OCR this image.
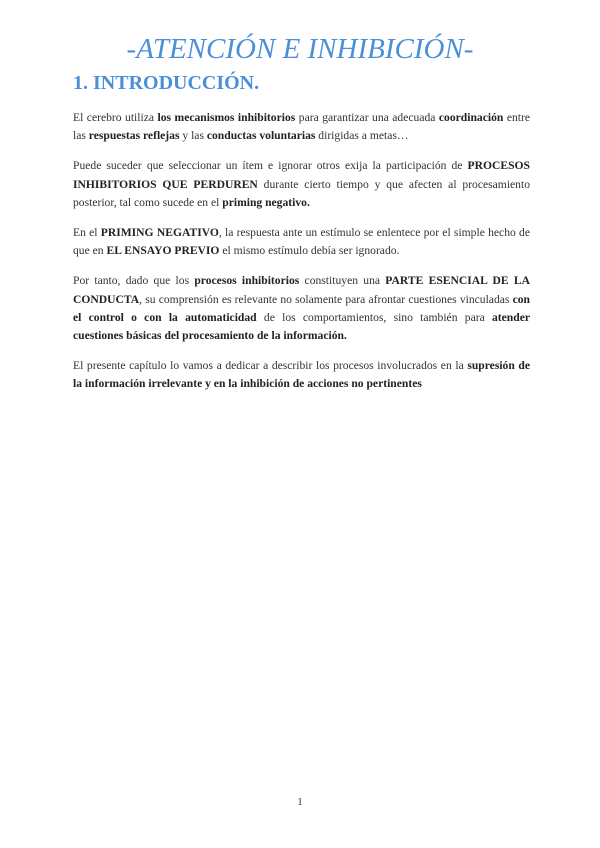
-ATENCIÓN E INHIBICIÓN-
1. INTRODUCCIÓN.

El cerebro utiliza los mecanismos inhibitorios para garantizar una adecuada coordinación entre las respuestas reflejas y las conductas voluntarias dirigidas a metas…

Puede suceder que seleccionar un ítem e ignorar otros exija la participación de PROCESOS INHIBITORIOS QUE PERDUREN durante cierto tiempo y que afecten al procesamiento posterior, tal como sucede en el priming negativo.

En el PRIMING NEGATIVO, la respuesta ante un estímulo se enlentece por el simple hecho de que en EL ENSAYO PREVIO el mismo estímulo debía ser ignorado.

Por tanto, dado que los procesos inhibitorios constituyen una PARTE ESENCIAL DE LA CONDUCTA, su comprensión es relevante no solamente para afrontar cuestiones vinculadas con el control o con la automaticidad de los comportamientos, sino también para atender cuestiones básicas del procesamiento de la información.

El presente capítulo lo vamos a dedicar a describir los procesos involucrados en la supresión de la información irrelevante y en la inhibición de acciones no pertinentes

1
